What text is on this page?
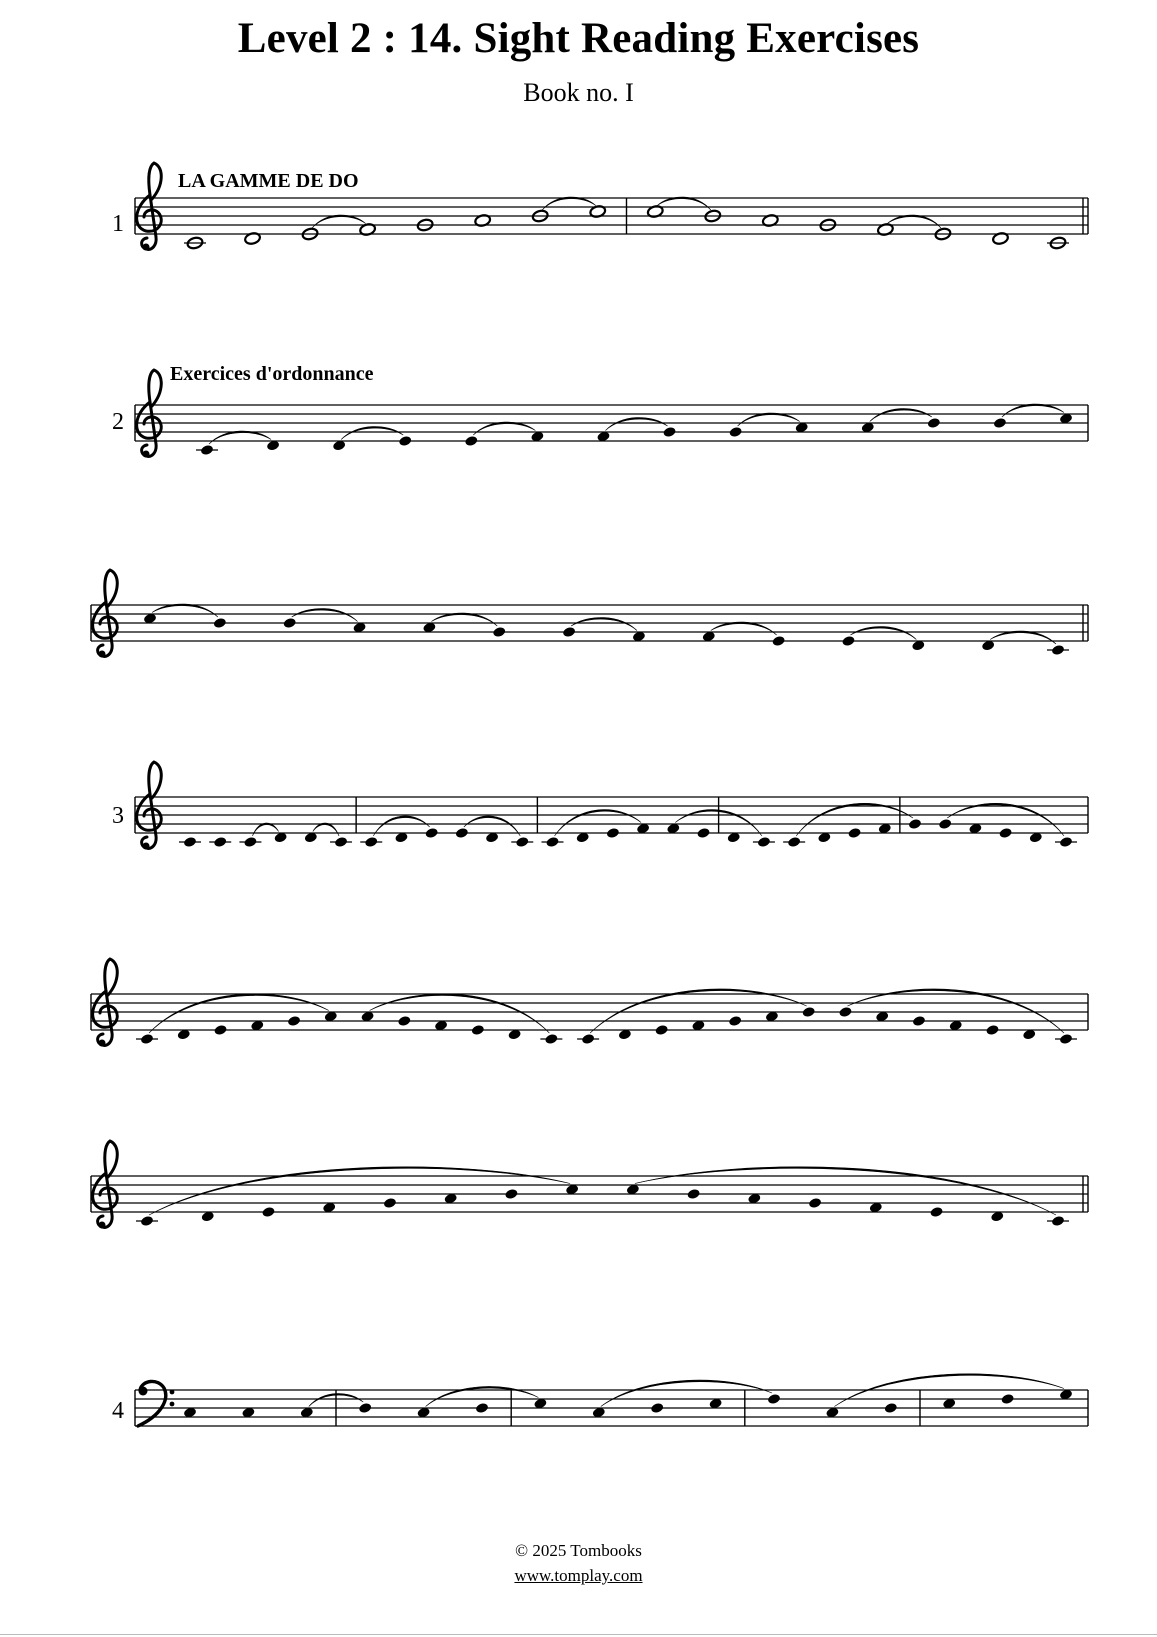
Level 2 : 14. Sight Reading Exercises
Book no. I
LA GAMME DE DO
1
Exercices d'ordonnance
2
3
4
© 2025 Tombooks
www.tomplay.com
